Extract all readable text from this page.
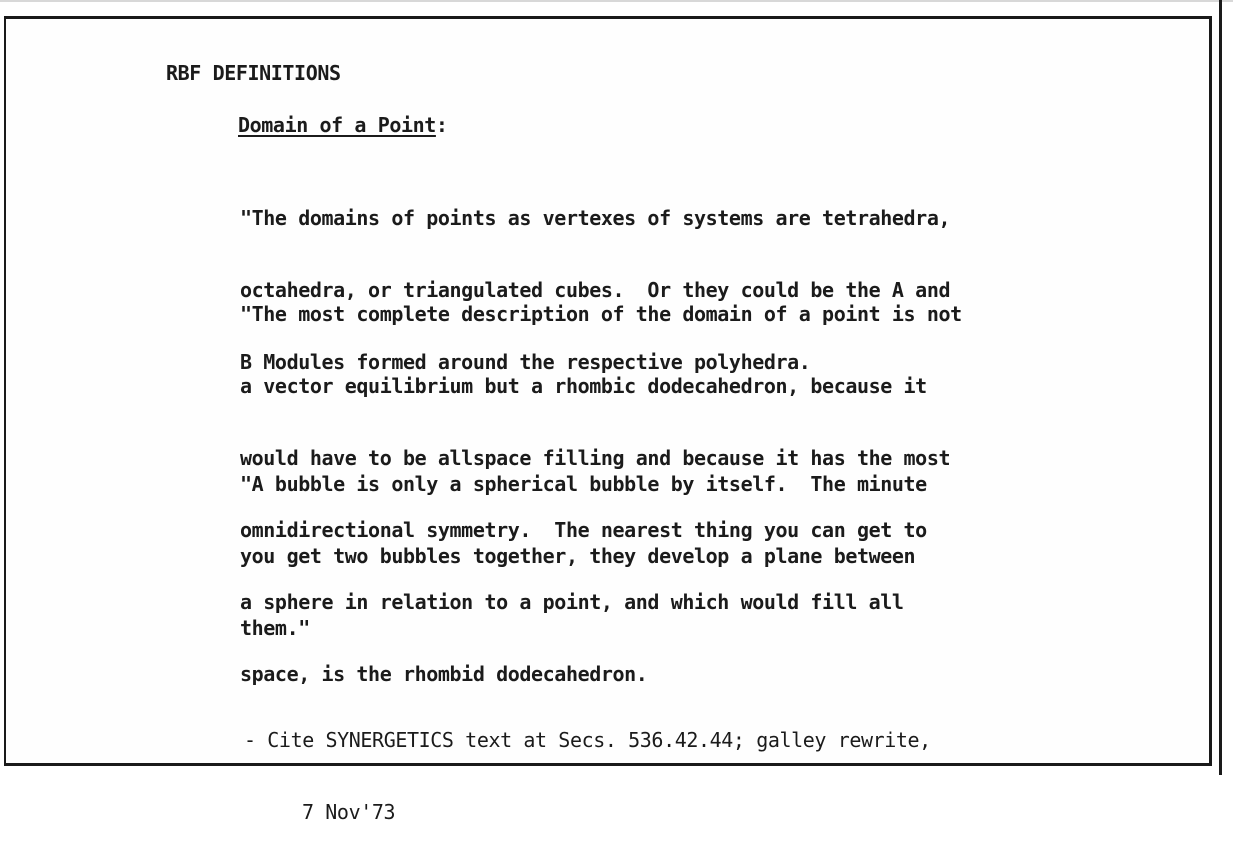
RBF DEFINITIONS
Domain of a Point:

"The domains of points as vertexes of systems are tetrahedra,

octahedra, or triangulated cubes.  Or they could be the A and

B Modules formed around the respective polyhedra.

"The most complete description of the domain of a point is not

a vector equilibrium but a rhombic dodecahedron, because it

would have to be allspace filling and because it has the most

omnidirectional symmetry.  The nearest thing you can get to

a sphere in relation to a point, and which would fill all

space, is the rhombid dodecahedron.

"A bubble is only a spherical bubble by itself.  The minute

you get two bubbles together, they develop a plane between

them."

- Cite SYNERGETICS text at Secs. 536.42.44; galley rewrite,

7 Nov'73
